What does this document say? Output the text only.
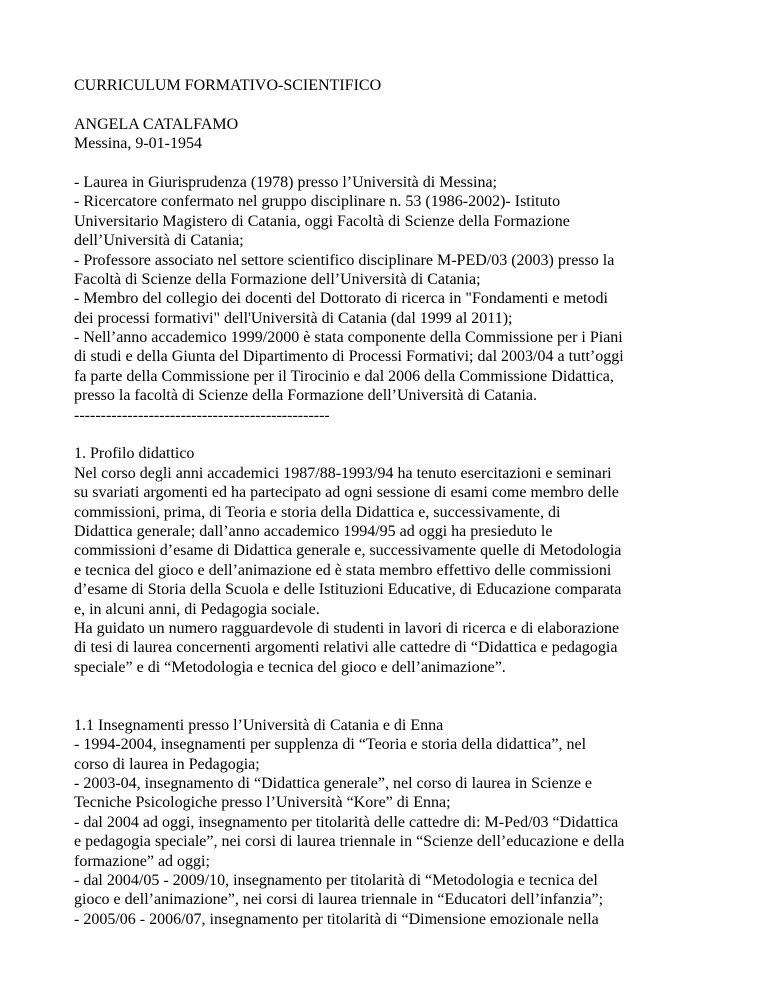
CURRICULUM FORMATIVO-SCIENTIFICO
ANGELA CATALFAMO
Messina, 9-01-1954
- Laurea in Giurisprudenza (1978) presso l’Università di Messina;
- Ricercatore confermato nel gruppo disciplinare n. 53 (1986-2002)- Istituto
Universitario Magistero di Catania, oggi Facoltà di Scienze della Formazione
dell’Università di Catania;
- Professore associato nel settore scientifico disciplinare M-PED/03 (2003) presso la
Facoltà di Scienze della Formazione dell’Università di Catania;
- Membro del collegio dei docenti del Dottorato di ricerca in "Fondamenti e metodi
dei processi formativi" dell'Università di Catania (dal 1999 al 2011);
- Nell’anno accademico 1999/2000 è stata componente della Commissione per i Piani
di studi e della Giunta del Dipartimento di Processi Formativi; dal 2003/04 a tutt’oggi
fa parte della Commissione per il Tirocinio e dal 2006 della Commissione Didattica,
presso la facoltà di Scienze della Formazione dell’Università di Catania.
------------------------------------------------
1. Profilo didattico
Nel corso degli anni accademici 1987/88-1993/94 ha tenuto esercitazioni e seminari
su svariati argomenti ed ha partecipato ad ogni sessione di esami come membro delle
commissioni, prima, di Teoria e storia della Didattica e, successivamente, di
Didattica generale; dall’anno accademico 1994/95 ad oggi ha presieduto le
commissioni d’esame di Didattica generale e, successivamente quelle di Metodologia
e tecnica del gioco e dell’animazione ed è stata membro effettivo delle commissioni
d’esame di Storia della Scuola e delle Istituzioni Educative, di Educazione comparata
e, in alcuni anni, di Pedagogia sociale.
Ha guidato un numero ragguardevole di studenti in lavori di ricerca e di elaborazione
di tesi di laurea concernenti argomenti relativi alle cattedre di “Didattica e pedagogia
speciale” e di “Metodologia e tecnica del gioco e dell’animazione”.
1.1 Insegnamenti presso l’Università di Catania e di Enna
- 1994-2004, insegnamenti per supplenza di “Teoria e storia della didattica”, nel
corso di laurea in Pedagogia;
- 2003-04, insegnamento di “Didattica generale”, nel corso di laurea in Scienze e
Tecniche Psicologiche presso l’Università “Kore” di Enna;
- dal 2004 ad oggi, insegnamento per titolarità delle cattedre di: M-Ped/03 “Didattica
e pedagogia speciale”, nei corsi di laurea triennale in “Scienze dell’educazione e della
formazione” ad oggi;
- dal 2004/05 - 2009/10, insegnamento per titolarità di “Metodologia e tecnica del
gioco e dell’animazione”, nei corsi di laurea triennale in “Educatori dell’infanzia”;
- 2005/06 - 2006/07, insegnamento per titolarità di “Dimensione emozionale nella
